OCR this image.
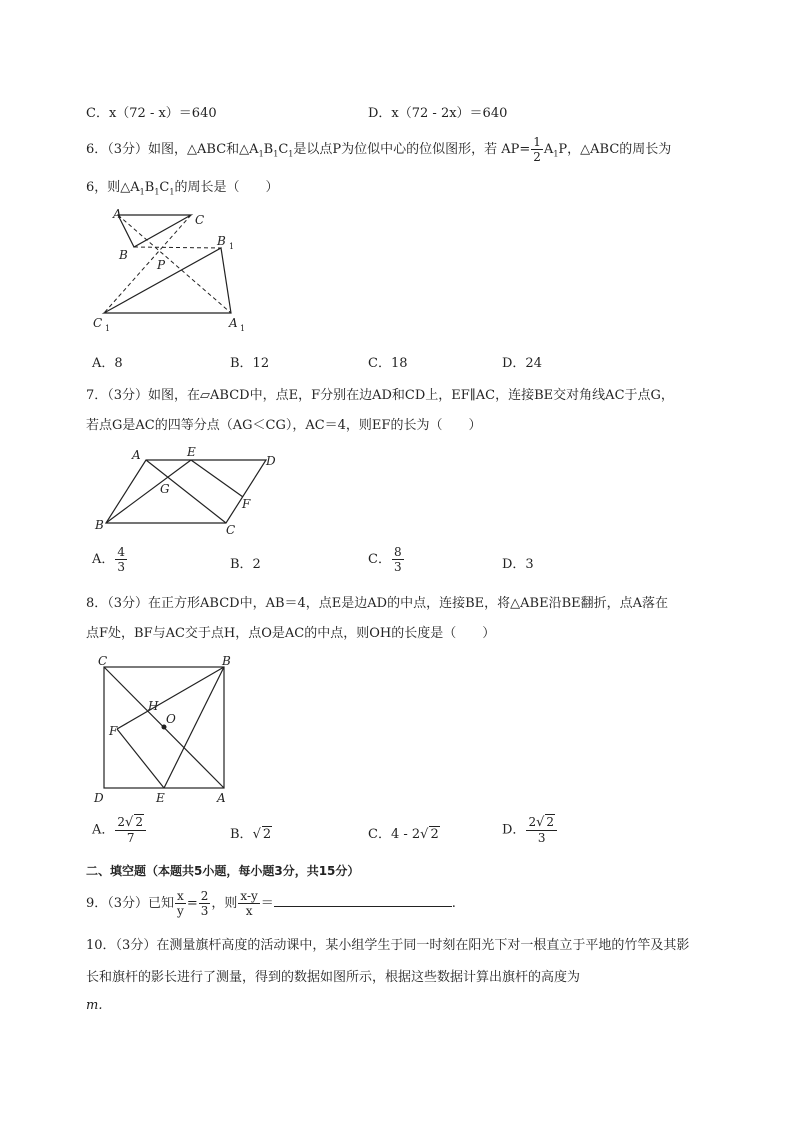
C．x（72 - x）＝640	D．x（72 - 2x）＝640
6．（3分）如图，△ABC和$\triangle A_1B_1C_1$是以点P为位似中心的位似图形，若 $AP= \frac{1}{2} A_1P$，△ABC的周长为
6，则$\triangle A_1B_1C_1$的周长是（　　）
A	C
B
P
B 1
C 1	A 1
A．8	B．12	C．18	D．24
7．（3分）如图，在▱ABCD中，点E，F分别在边AD和CD上，EF∥AC，连接BE交对角线AC于点G，
若点G是AC的四等分点（AG＜CG），AC＝4，则EF的长为（　　）
A	E
D
G
F
B	C
A． $\frac{4}{3}$	B．2	C． $\frac{8}{3}$	D．3
8．（3分）在正方形ABCD中，AB＝4，点E是边AD的中点，连接BE，将△ABE沿BE翻折，点A落在
点F处，BF与AC交于点H，点O是AC的中点，则OH的长度是（　　）
C	B
H
O
F
D	E	A
A． $\frac{2√ 2}{7}$	B．√ 2	C．4 - 2√ 2	D． $\frac{2√ 2}{3}$
二、填空题（本题共5小题，每小题3分，共15分）
9．（3分）已知 $\frac{x}{y} = \frac{2}{3}$ ，则 $\frac{x-y}{x}$ ＝	.
10．（3分）在测量旗杆高度的活动课中，某小组学生于同一时刻在阳光下对一根直立于平地的竹竿及其影
长和旗杆的影长进行了测量，得到的数据如图所示，根据这些数据计算出旗杆的高度为
m.
